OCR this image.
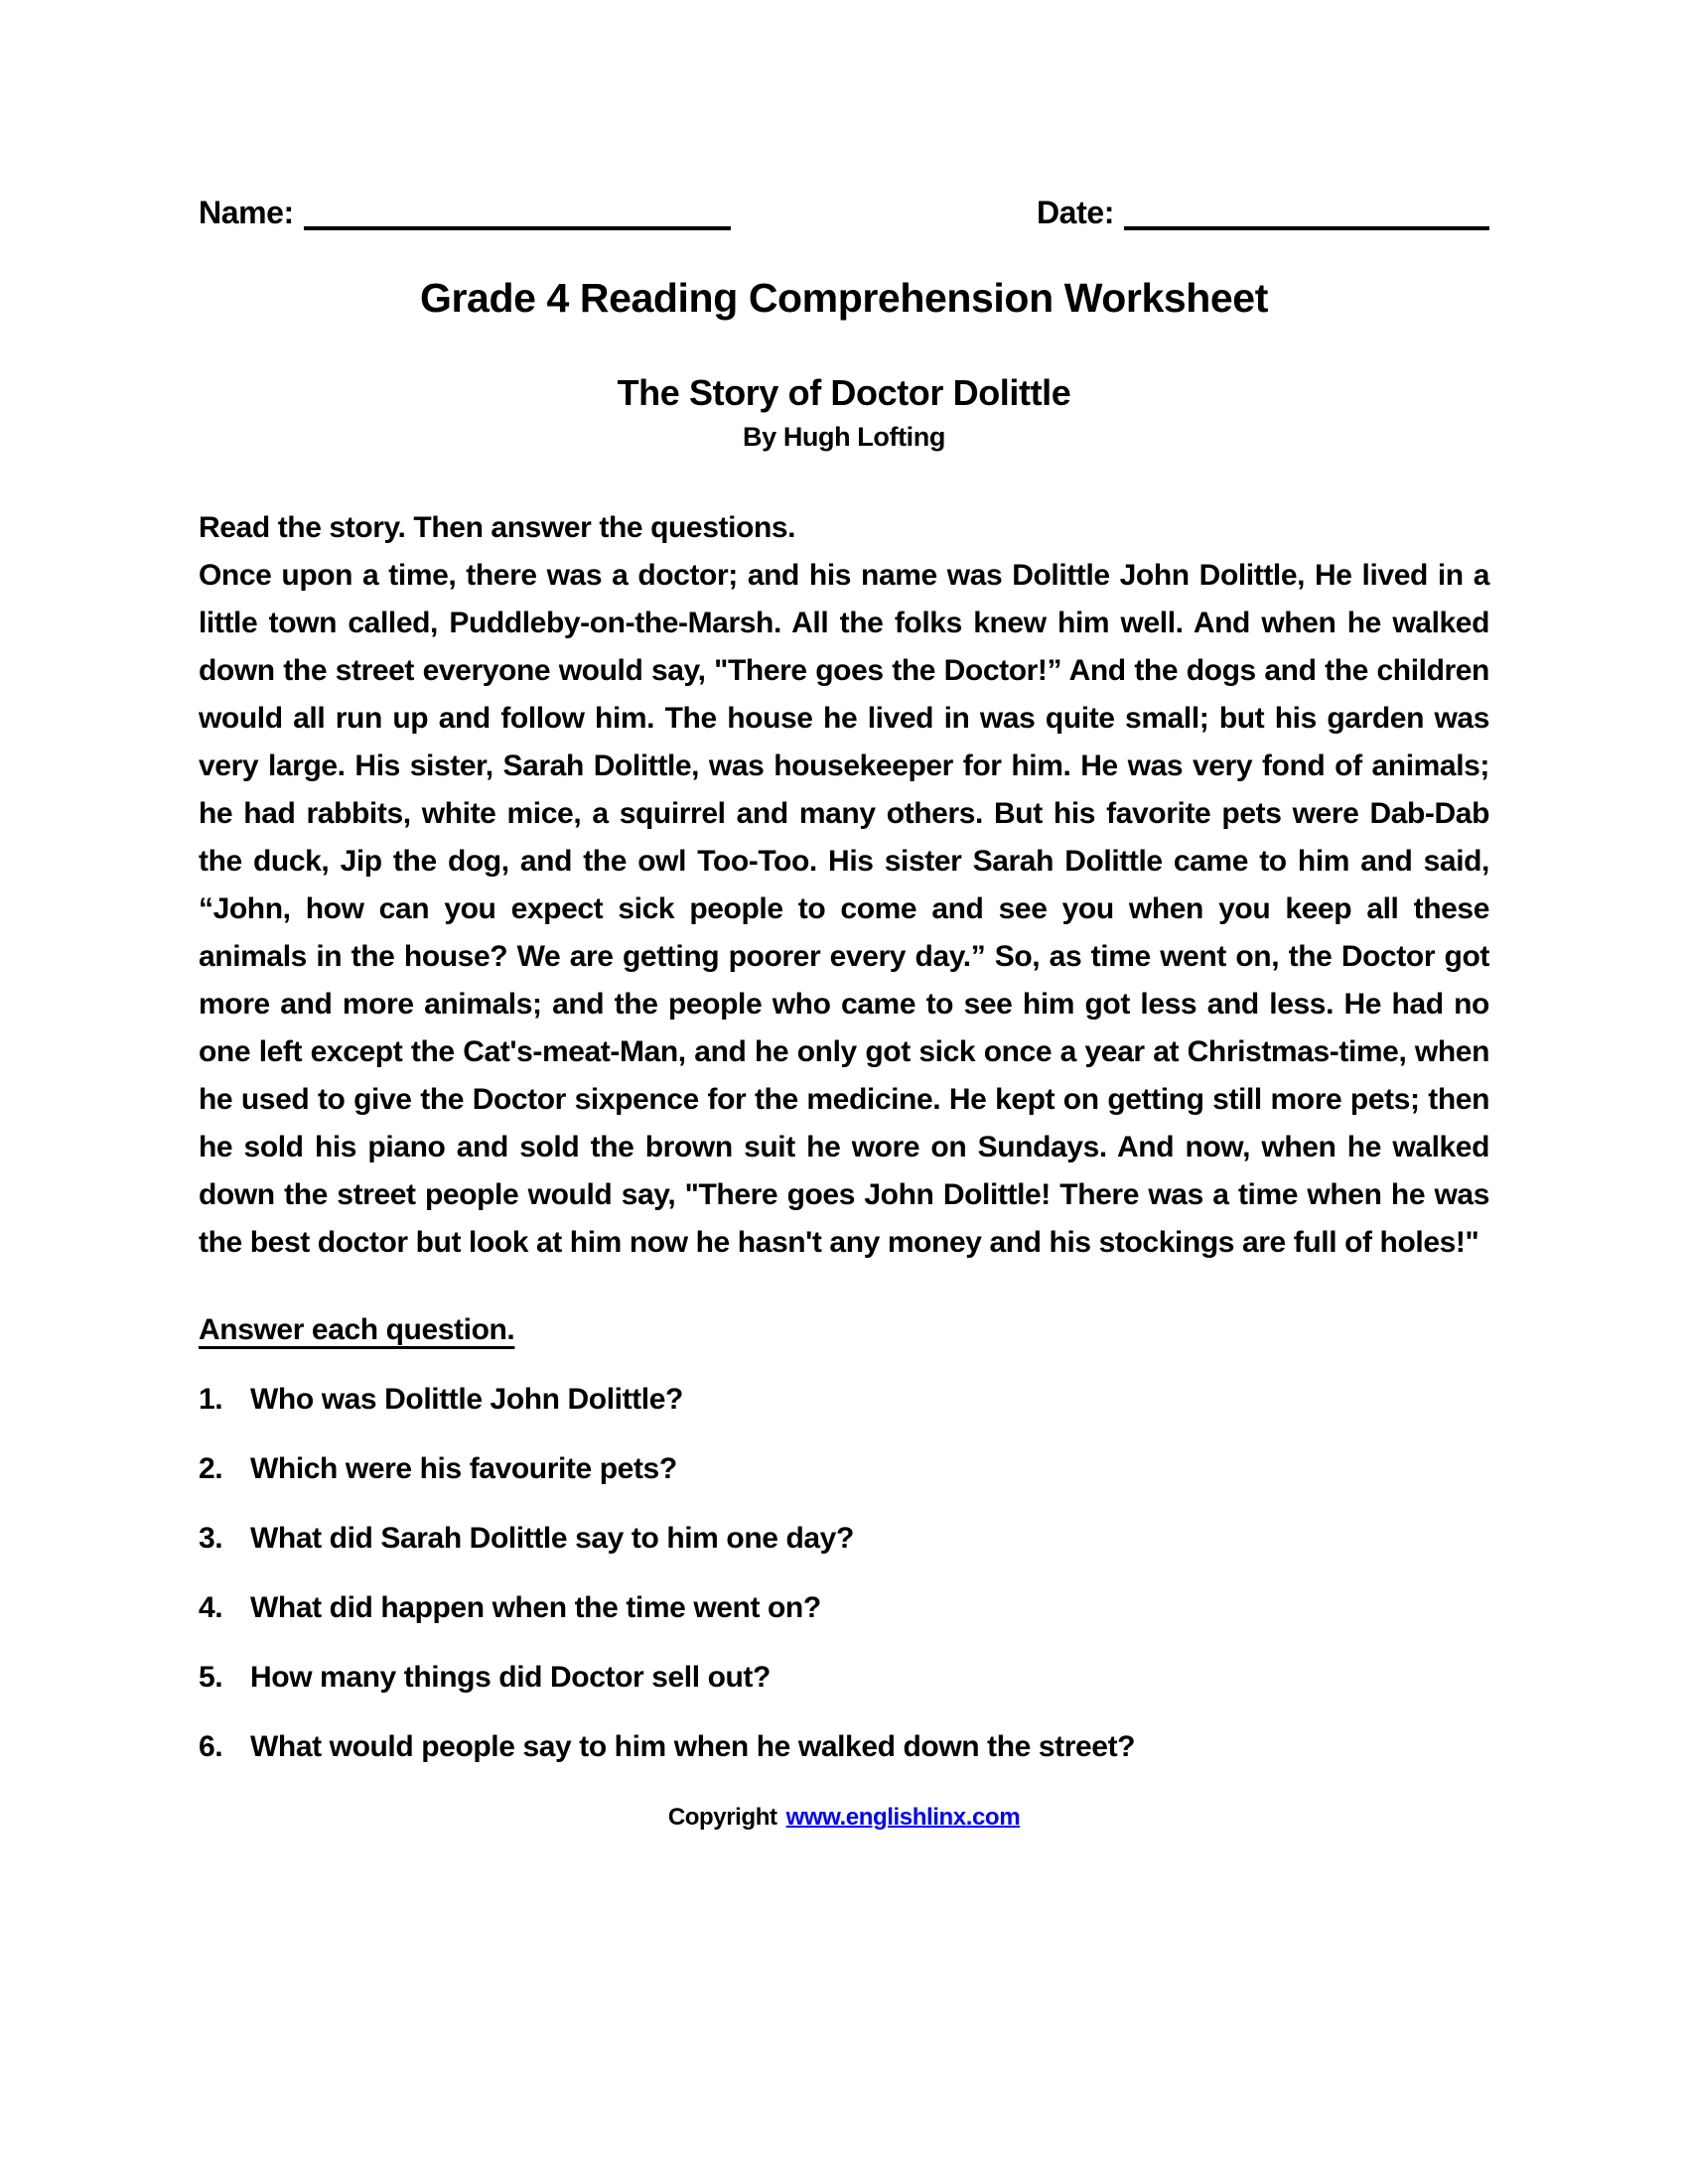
Name:	Date:
Grade 4 Reading Comprehension Worksheet
The Story of Doctor Dolittle
By Hugh Lofting
Read the story. Then answer the questions.
Once upon a time, there was a doctor; and his name was Dolittle John Dolittle, He lived in a little town called, Puddleby-on-the-Marsh. All the folks knew him well. And when he walked down the street everyone would say, "There goes the Doctor!” And the dogs and the children would all run up and follow him. The house he lived in was quite small; but his garden was very large. His sister, Sarah Dolittle, was housekeeper for him. He was very fond of animals; he had rabbits, white mice, a squirrel and many others. But his favorite pets were Dab-Dab the duck, Jip the dog, and the owl Too-Too. His sister Sarah Dolittle came to him and said, “John, how can you expect sick people to come and see you when you keep all these animals in the house? We are getting poorer every day.” So, as time went on, the Doctor got more and more animals; and the people who came to see him got less and less. He had no one left except the Cat's-meat-Man, and he only got sick once a year at Christmas-time, when he used to give the Doctor sixpence for the medicine. He kept on getting still more pets; then he sold his piano and sold the brown suit he wore on Sundays. And now, when he walked down the street people would say, "There goes John Dolittle! There was a time when he was the best doctor but look at him now he hasn't any money and his stockings are full of holes!"
Answer each question.
1. Who was Dolittle John Dolittle?
2. Which were his favourite pets?
3. What did Sarah Dolittle say to him one day?
4. What did happen when the time went on?
5. How many things did Doctor sell out?
6. What would people say to him when he walked down the street?
Copyright www.englishlinx.com
